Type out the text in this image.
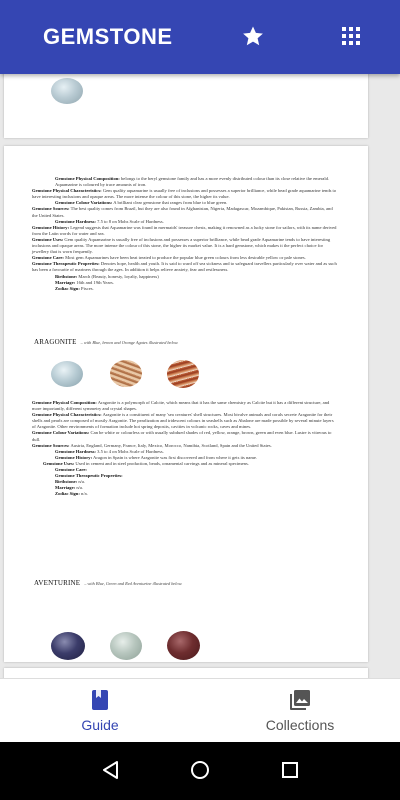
GEMSTONE

Gemstone Physical Composition: belongs to the beryl gemstone family and has a more evenly distributed colour than its close relative the emerald. Aquamarine is coloured by trace amounts of iron.

Gemstone Physical Characteristics: Gem quality aquamarine is usually free of inclusions and possesses a superior brilliance, while bead grade aquamarine tends to have interesting inclusions and opaque areas. The more intense the colour of this stone, the higher its value.

Gemstone Colour Variations: A brilliant clear gemstone that ranges from blue to blue green.

Gemstone Sources: The best quality comes from Brazil, but they are also found in Afghanistan, Nigeria, Madagascar, Mozambique, Pakistan, Russia, Zambia, and the United States.

Gemstone Hardness: 7.5 to 8 on Mohs Scale of Hardness.

Gemstone History: Legend suggests that Aquamarine was found in mermaids' treasure chests, making it renowned as a lucky stone for sailors, with its name derived from the Latin words for water and sea.

Gemstone Uses: Gem quality Aquamarine is usually free of inclusions and possesses a superior brilliance, while bead grade Aquamarine tends to have interesting inclusions and opaque areas. The more intense the colour of this stone, the higher its market value. It is a hard gemstone, which makes it the perfect choice for jewellery that is worn frequently.

Gemstone Care: Most gem Aquamarines have been heat treated to produce the popular blue green colours from less desirable yellow or pale stones.

Gemstone Therapeutic Properties: Denotes hope, health and youth. It is said to ward off sea sickness and to safeguard travellers particularly over water and as such has been a favourite of mariners through the ages. In addition it helps relieve anxiety, fear and restlessness.

Birthstone: March (Beauty, honesty, loyalty, happiness)

Marriage: 16th and 19th Years.

Zodiac Sign: Pisces.

ARAGONITE – with Blue, brown and Orange Agates illustrated below.

Gemstone Physical Composition: Aragonite is a polymorph of Calcite, which means that it has the same chemistry as Calcite but it has a different structure, and more importantly, different symmetry and crystal shapes.

Gemstone Physical Characteristics: Aragonite is a constituent of many 'sea creatures' shell structures. Most bivalve animals and corals secrete Aragonite for their shells and pearls are composed of mostly Aragonite. The pearlization and iridescent colours in seashells such as Abalone are made possible by several minute layers of Aragonite. Other environments of formation include hot spring deposits, cavities in volcanic rocks, caves and mines.

Gemstone Colour Variations: Can be white or colourless or with usually subdued shades of red, yellow, orange, brown, green and even blue. Lustre is vitreous to dull.

Gemstone Sources: Austria, England, Germany, France, Italy, Mexico, Morocco, Namibia, Scotland, Spain and the United States.

Gemstone Hardness: 3.5 to 4 on Mohs Scale of Hardness.

Gemstone History: Aragon in Spain is where Aragonite was first discovered and from where it gets its name.

Gemstone Uses: Used in cement and in steel production, beads, ornamental carvings and as mineral specimens.

Gemstone Care:

Gemstone Therapeutic Properties:

Birthstone: n/a.

Marriage: n/a.

Zodiac Sign: n/a.

AVENTURINE – with Blue, Green and Red Aventurine illustrated below.

Guide	Collections
